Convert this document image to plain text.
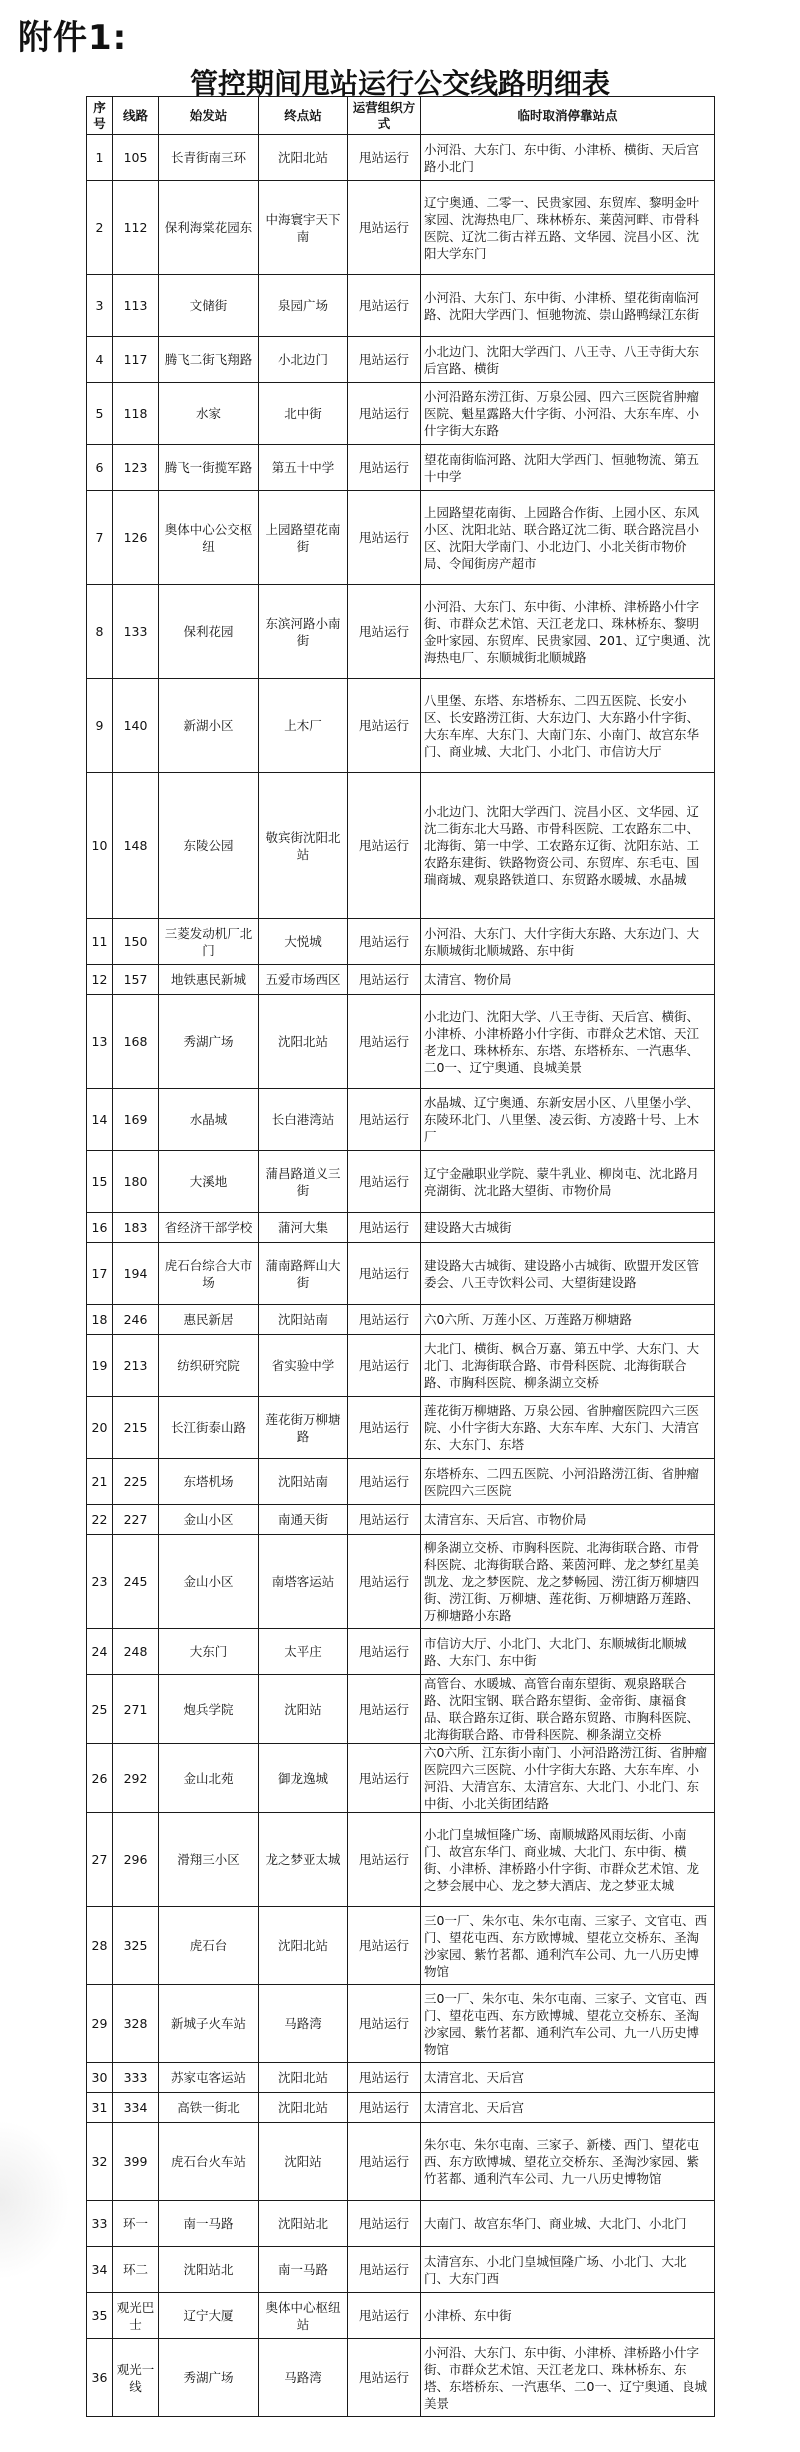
附件1:
管控期间甩站运行公交线路明细表
序号	线路	始发站	终点站	运营组织方式	临时取消停靠站点
1	105	长青街南三环	沈阳北站	甩站运行	小河沿、大东门、东中街、小津桥、横街、天后宫路小北门
2	112	保利海棠花园东	中海寰宇天下南	甩站运行	辽宁奥通、二零一、民贵家园、东贸库、黎明金叶家园、沈海热电厂、珠林桥东、莱茵河畔、市骨科医院、辽沈二街古祥五路、文华园、浣昌小区、沈阳大学东门
3	113	文储街	泉园广场	甩站运行	小河沿、大东门、东中街、小津桥、望花街南临河路、沈阳大学西门、恒驰物流、崇山路鸭绿江东街
4	117	腾飞二街飞翔路	小北边门	甩站运行	小北边门、沈阳大学西门、八王寺、八王寺街大东后宫路、横街
5	118	水家	北中街	甩站运行	小河沿路东涝江街、万泉公园、四六三医院省肿瘤医院、魁星露路大什字街、小河沿、大东车库、小什字街大东路
6	123	腾飞一街揽军路	第五十中学	甩站运行	望花南街临河路、沈阳大学西门、恒驰物流、第五十中学
7	126	奥体中心公交枢纽	上园路望花南街	甩站运行	上园路望花南街、上园路合作街、上园小区、东风小区、沈阳北站、联合路辽沈二街、联合路浣昌小区、沈阳大学南门、小北边门、小北关街市物价局、令闻街房产超市
8	133	保利花园	东滨河路小南街	甩站运行	小河沿、大东门、东中街、小津桥、津桥路小什字街、市群众艺术馆、天江老龙口、珠林桥东、黎明金叶家园、东贸库、民贵家园、201、辽宁奥通、沈海热电厂、东顺城街北顺城路
9	140	新湖小区	上木厂	甩站运行	八里堡、东塔、东塔桥东、二四五医院、长安小区、长安路涝江街、大东边门、大东路小什字街、大东车库、大东门、大南门东、小南门、故宫东华门、商业城、大北门、小北门、市信访大厅
10	148	东陵公园	敬宾街沈阳北站	甩站运行	小北边门、沈阳大学西门、浣昌小区、文华园、辽沈二街东北大马路、市骨科医院、工农路东二中、北海街、第一中学、工农路东辽街、沈阳东站、工农路东建街、铁路物资公司、东贸库、东毛屯、国瑞商城、观泉路铁道口、东贸路水暖城、水晶城
11	150	三菱发动机厂北门	大悦城	甩站运行	小河沿、大东门、大什字街大东路、大东边门、大东顺城街北顺城路、东中街
12	157	地铁惠民新城	五爱市场西区	甩站运行	太清宫、物价局
13	168	秀湖广场	沈阳北站	甩站运行	小北边门、沈阳大学、八王寺街、天后宫、横街、小津桥、小津桥路小什字街、市群众艺术馆、天江老龙口、珠林桥东、东塔、东塔桥东、一汽惠华、二0一、辽宁奥通、良城美景
14	169	水晶城	长白港湾站	甩站运行	水晶城、辽宁奥通、东新安居小区、八里堡小学、东陵环北门、八里堡、凌云街、方凌路十号、上木厂
15	180	大溪地	蒲昌路道义三街	甩站运行	辽宁金融职业学院、蒙牛乳业、柳岗屯、沈北路月亮湖街、沈北路大望街、市物价局
16	183	省经济干部学校	蒲河大集	甩站运行	建设路大古城街
17	194	虎石台综合大市场	蒲南路辉山大街	甩站运行	建设路大古城街、建设路小古城街、欧盟开发区管委会、八王寺饮料公司、大望街建设路
18	246	惠民新居	沈阳站南	甩站运行	六0六所、万莲小区、万莲路万柳塘路
19	213	纺织研究院	省实验中学	甩站运行	大北门、横街、枫合万嘉、第五中学、大东门、大北门、北海街联合路、市骨科医院、北海街联合路、市胸科医院、柳条湖立交桥
20	215	长江街泰山路	莲花街万柳塘路	甩站运行	莲花街万柳塘路、万泉公园、省肿瘤医院四六三医院、小什字街大东路、大东车库、大东门、大清宫东、大东门、东塔
21	225	东塔机场	沈阳站南	甩站运行	东塔桥东、二四五医院、小河沿路涝江街、省肿瘤医院四六三医院
22	227	金山小区	南通天街	甩站运行	太清宫东、天后宫、市物价局
23	245	金山小区	南塔客运站	甩站运行	柳条湖立交桥、市胸科医院、北海街联合路、市骨科医院、北海街联合路、莱茵河畔、龙之梦红星美凯龙、龙之梦医院、龙之梦畅园、涝江街万柳塘四街、涝江街、万柳塘、莲花街、万柳塘路万莲路、万柳塘路小东路
24	248	大东门	太平庄	甩站运行	市信访大厅、小北门、大北门、东顺城街北顺城路、大东门、东中街
25	271	炮兵学院	沈阳站	甩站运行	高管台、水暖城、高管台南东望街、观泉路联合路、沈阳宝钢、联合路东望街、金帝街、康福食品、联合路东辽街、联合路东贸路、市胸科医院、北海街联合路、市骨科医院、柳条湖立交桥
26	292	金山北苑	御龙逸城	甩站运行	六0六所、江东街小南门、小河沿路涝江街、省肿瘤医院四六三医院、小什字街大东路、大东车库、小河沿、大清宫东、太清宫东、大北门、小北门、东中街、小北关街团结路
27	296	滑翔三小区	龙之梦亚太城	甩站运行	小北门皇城恒隆广场、南顺城路风雨坛街、小南门、故宫东华门、商业城、大北门、东中街、横街、小津桥、津桥路小什字街、市群众艺术馆、龙之梦会展中心、龙之梦大酒店、龙之梦亚太城
28	325	虎石台	沈阳北站	甩站运行	三0一厂、朱尔屯、朱尔屯南、三家子、文官屯、西门、望花屯西、东方欧博城、望花立交桥东、圣淘沙家园、紫竹茗都、通利汽车公司、九一八历史博物馆
29	328	新城子火车站	马路湾	甩站运行	三0一厂、朱尔屯、朱尔屯南、三家子、文官屯、西门、望花屯西、东方欧博城、望花立交桥东、圣淘沙家园、紫竹茗都、通利汽车公司、九一八历史博物馆
30	333	苏家屯客运站	沈阳北站	甩站运行	太清宫北、天后宫
31	334	高铁一街北	沈阳北站	甩站运行	太清宫北、天后宫
32	399	虎石台火车站	沈阳站	甩站运行	朱尔屯、朱尔屯南、三家子、新楼、西门、望花屯西、东方欧博城、望花立交桥东、圣淘沙家园、紫竹茗都、通利汽车公司、九一八历史博物馆
33	环一	南一马路	沈阳站北	甩站运行	大南门、故宫东华门、商业城、大北门、小北门
34	环二	沈阳站北	南一马路	甩站运行	太清宫东、小北门皇城恒隆广场、小北门、大北门、大东门西
35	观光巴士	辽宁大厦	奥体中心枢纽站	甩站运行	小津桥、东中街
36	观光一线	秀湖广场	马路湾	甩站运行	小河沿、大东门、东中街、小津桥、津桥路小什字街、市群众艺术馆、天江老龙口、珠林桥东、东塔、东塔桥东、一汽惠华、二0一、辽宁奥通、良城美景
